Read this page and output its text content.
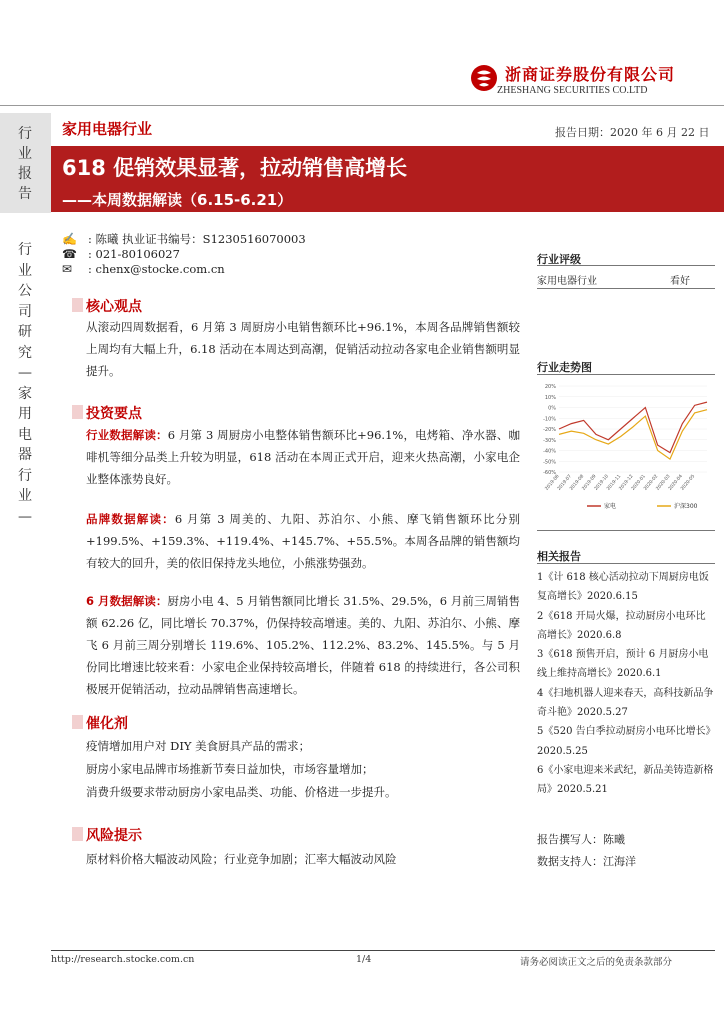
浙商证券股份有限公司
ZHESHANG SECURITIES CO.LTD
行业报告
行业公司研究—家用电器行业—
家用电器行业	报告日期：2020 年 6 月 22 日
618 促销效果显著，拉动销售高增长
——本周数据解读（6.15-6.21）
✍ : 陈曦 执业证书编号：S1230516070003
☎ : 021-80106027
✉ : chenx@stocke.com.cn
核心观点
从滚动四周数据看，6 月第 3 周厨房小电销售额环比+96.1%，本周各品牌销售额较上周均有大幅上升，6.18 活动在本周达到高潮，促销活动拉动各家电企业销售额明显提升。
投资要点
行业数据解读：6 月第 3 周厨房小电整体销售额环比+96.1%，电烤箱、净水器、咖啡机等细分品类上升较为明显，618 活动在本周正式开启，迎来火热高潮，小家电企业整体涨势良好。
品牌数据解读：6 月第 3 周美的、九阳、苏泊尔、小熊、摩飞销售额环比分别+199.5%、+159.3%、+119.4%、+145.7%、+55.5%。本周各品牌的销售额均有较大的回升，美的依旧保持龙头地位，小熊涨势强劲。
6 月数据解读：厨房小电 4、5 月销售额同比增长 31.5%、29.5%，6 月前三周销售额 62.26 亿，同比增长 70.37%，仍保持较高增速。美的、九阳、苏泊尔、小熊、摩飞 6 月前三周分别增长 119.6%、105.2%、112.2%、83.2%、145.5%。与 5 月份同比增速比较来看：小家电企业保持较高增长，伴随着 618 的持续进行，各公司积极展开促销活动，拉动品牌销售高速增长。
催化剂
疫情增加用户对 DIY 美食厨具产品的需求；
厨房小家电品牌市场推新节奏日益加快，市场容量增加；
消费升级要求带动厨房小家电品类、功能、价格进一步提升。
风险提示
原材料价格大幅波动风险；行业竞争加剧；汇率大幅波动风险
行业评级
家用电器行业	看好
行业走势图
20%
10%
0%
-10%
-20%
-30%
-40%
-50%
-60%
2019-06
2019-07
2019-08
2019-09
2019-10
2019-11
2019-12
2020-01
2020-02
2020-03
2020-04
2020-05
家电	沪深300
相关报告
1《计 618 核心活动拉动下周厨房电饭复高增长》2020.6.15
2《618 开局火爆，拉动厨房小电环比高增长》2020.6.8
3《618 预售开启，预计 6 月厨房小电线上维持高增长》2020.6.1
4《扫地机器人迎来春天，高科技新品争奇斗艳》2020.5.27
5《520 告白季拉动厨房小电环比增长》2020.5.25
6《小家电迎来米武纪，新品美铸造新格局》2020.5.21
报告撰写人：陈曦
数据支持人：江海洋
http://research.stocke.com.cn	1/4	请务必阅读正文之后的免责条款部分
